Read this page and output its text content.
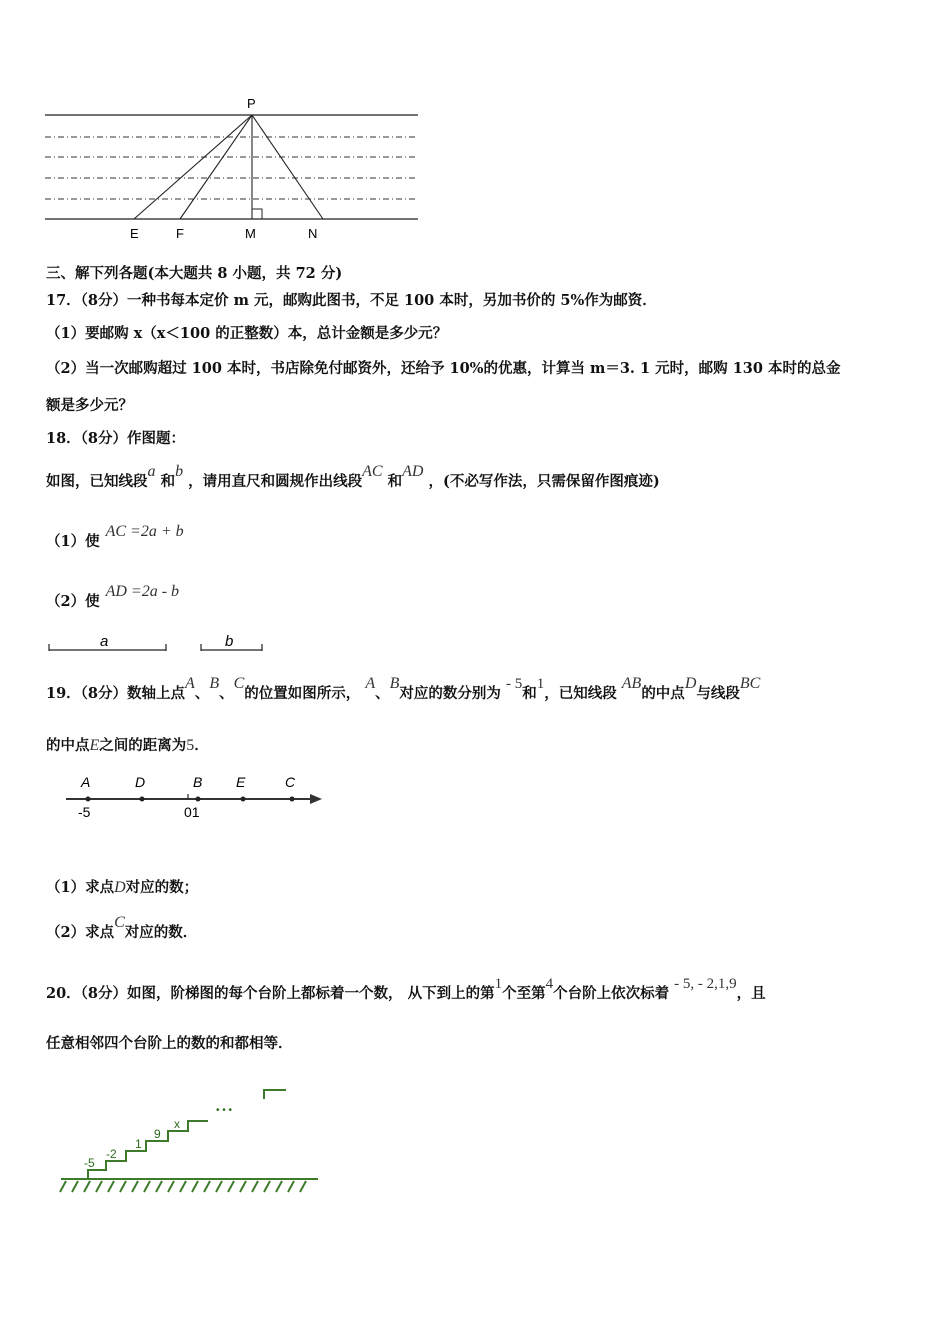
P
E	F	M	N
三、解下列各题(本大题共 8 小题，共 72 分)
17．（8分）一种书每本定价 m 元，邮购此图书，不足 100 本时，另加书价的 5%作为邮资．
（1）要邮购 x（x＜100 的正整数）本，总计金额是多少元？
（2）当一次邮购超过 100 本时，书店除免付邮资外，还给予 10%的优惠，计算当 m＝3. 1 元时，邮购 130 本时的总金
额是多少元？
18．（8分）作图题：
如图，已知线段a 和b ，请用直尺和圆规作出线段AC 和AD ，(不必写作法，只需保留作图痕迹)
（1）使AC =2a + b
（2）使AD =2a - b
a	b
19．（8分）数轴上点A、B、C的位置如图所示， A、B对应的数分别为 - 5和1，已知线段 AB的中点D与线段BC
的中点E之间的距离为5．
A	D	B E	C
-5	01
（1）求点D对应的数；
（2）求点C对应的数．
20．（8分）如图，阶梯图的每个台阶上都标着一个数， 从下到上的第1个至第4个台阶上依次标着 - 5, - 2,1,9，且
任意相邻四个台阶上的数的和都相等．
-5
-2
1
9
x
• • •
